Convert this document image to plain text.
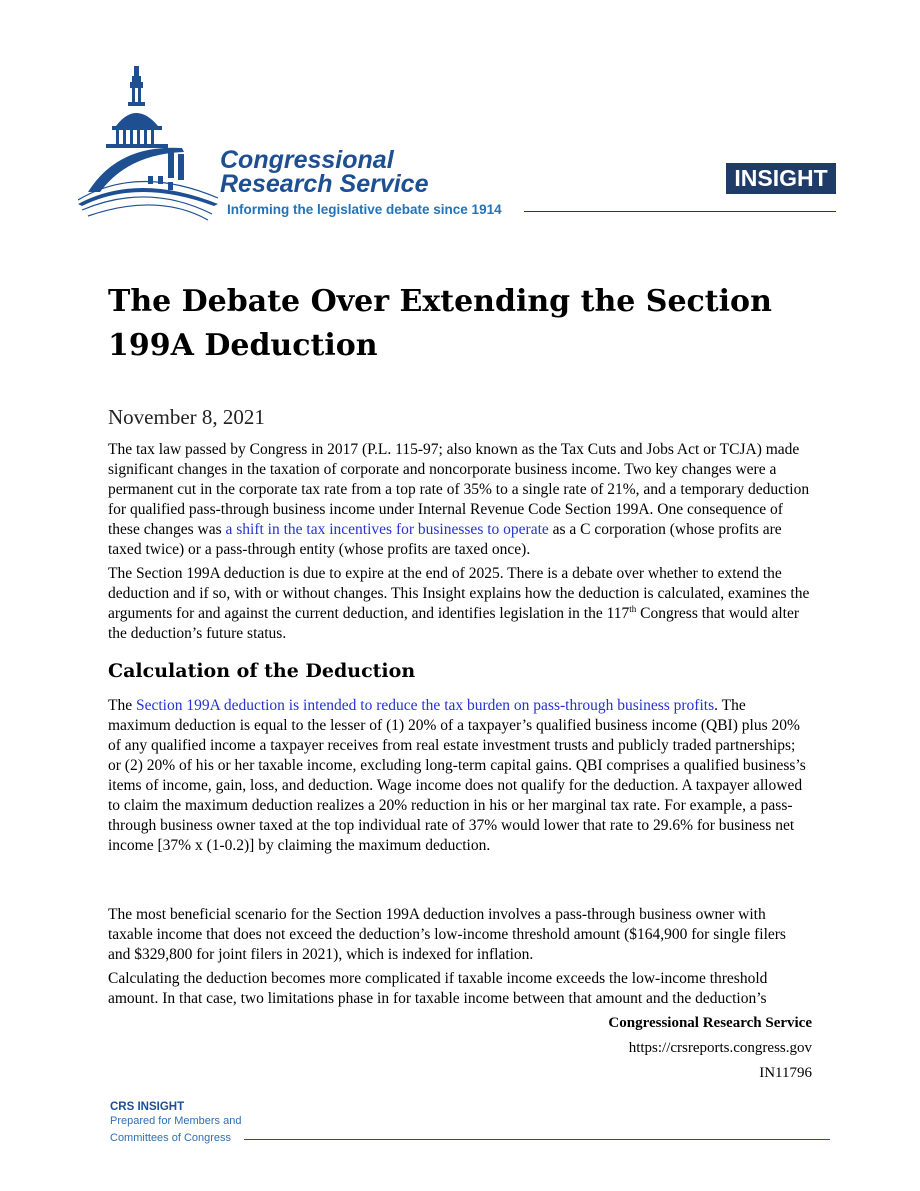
Congressional
Research Service
Informing the legislative debate since 1914
INSIGHT
The Debate Over Extending the Section 199A Deduction

November 8, 2021

The tax law passed by Congress in 2017 (P.L. 115-97; also known as the Tax Cuts and Jobs Act or TCJA) made significant changes in the taxation of corporate and noncorporate business income. Two key changes were a permanent cut in the corporate tax rate from a top rate of 35% to a single rate of 21%, and a temporary deduction for qualified pass-through business income under Internal Revenue Code Section 199A. One consequence of these changes was a shift in the tax incentives for businesses to operate as a C corporation (whose profits are taxed twice) or a pass-through entity (whose profits are taxed once).

The Section 199A deduction is due to expire at the end of 2025. There is a debate over whether to extend the deduction and if so, with or without changes. This Insight explains how the deduction is calculated, examines the arguments for and against the current deduction, and identifies legislation in the 117th Congress that would alter the deduction’s future status.

Calculation of the Deduction

The Section 199A deduction is intended to reduce the tax burden on pass-through business profits. The maximum deduction is equal to the lesser of (1) 20% of a taxpayer’s qualified business income (QBI) plus 20% of any qualified income a taxpayer receives from real estate investment trusts and publicly traded partnerships; or (2) 20% of his or her taxable income, excluding long-term capital gains. QBI comprises a qualified business’s items of income, gain, loss, and deduction. Wage income does not qualify for the deduction. A taxpayer allowed to claim the maximum deduction realizes a 20% reduction in his or her marginal tax rate. For example, a pass-through business owner taxed at the top individual rate of 37% would lower that rate to 29.6% for business net income [37% x (1-0.2)] by claiming the maximum deduction.

The most beneficial scenario for the Section 199A deduction involves a pass-through business owner with taxable income that does not exceed the deduction’s low-income threshold amount ($164,900 for single filers and $329,800 for joint filers in 2021), which is indexed for inflation.

Calculating the deduction becomes more complicated if taxable income exceeds the low-income threshold amount. In that case, two limitations phase in for taxable income between that amount and the deduction’s

Congressional Research Service
https://crsreports.congress.gov
IN11796
CRS INSIGHT
Prepared for Members and
Committees of Congress
